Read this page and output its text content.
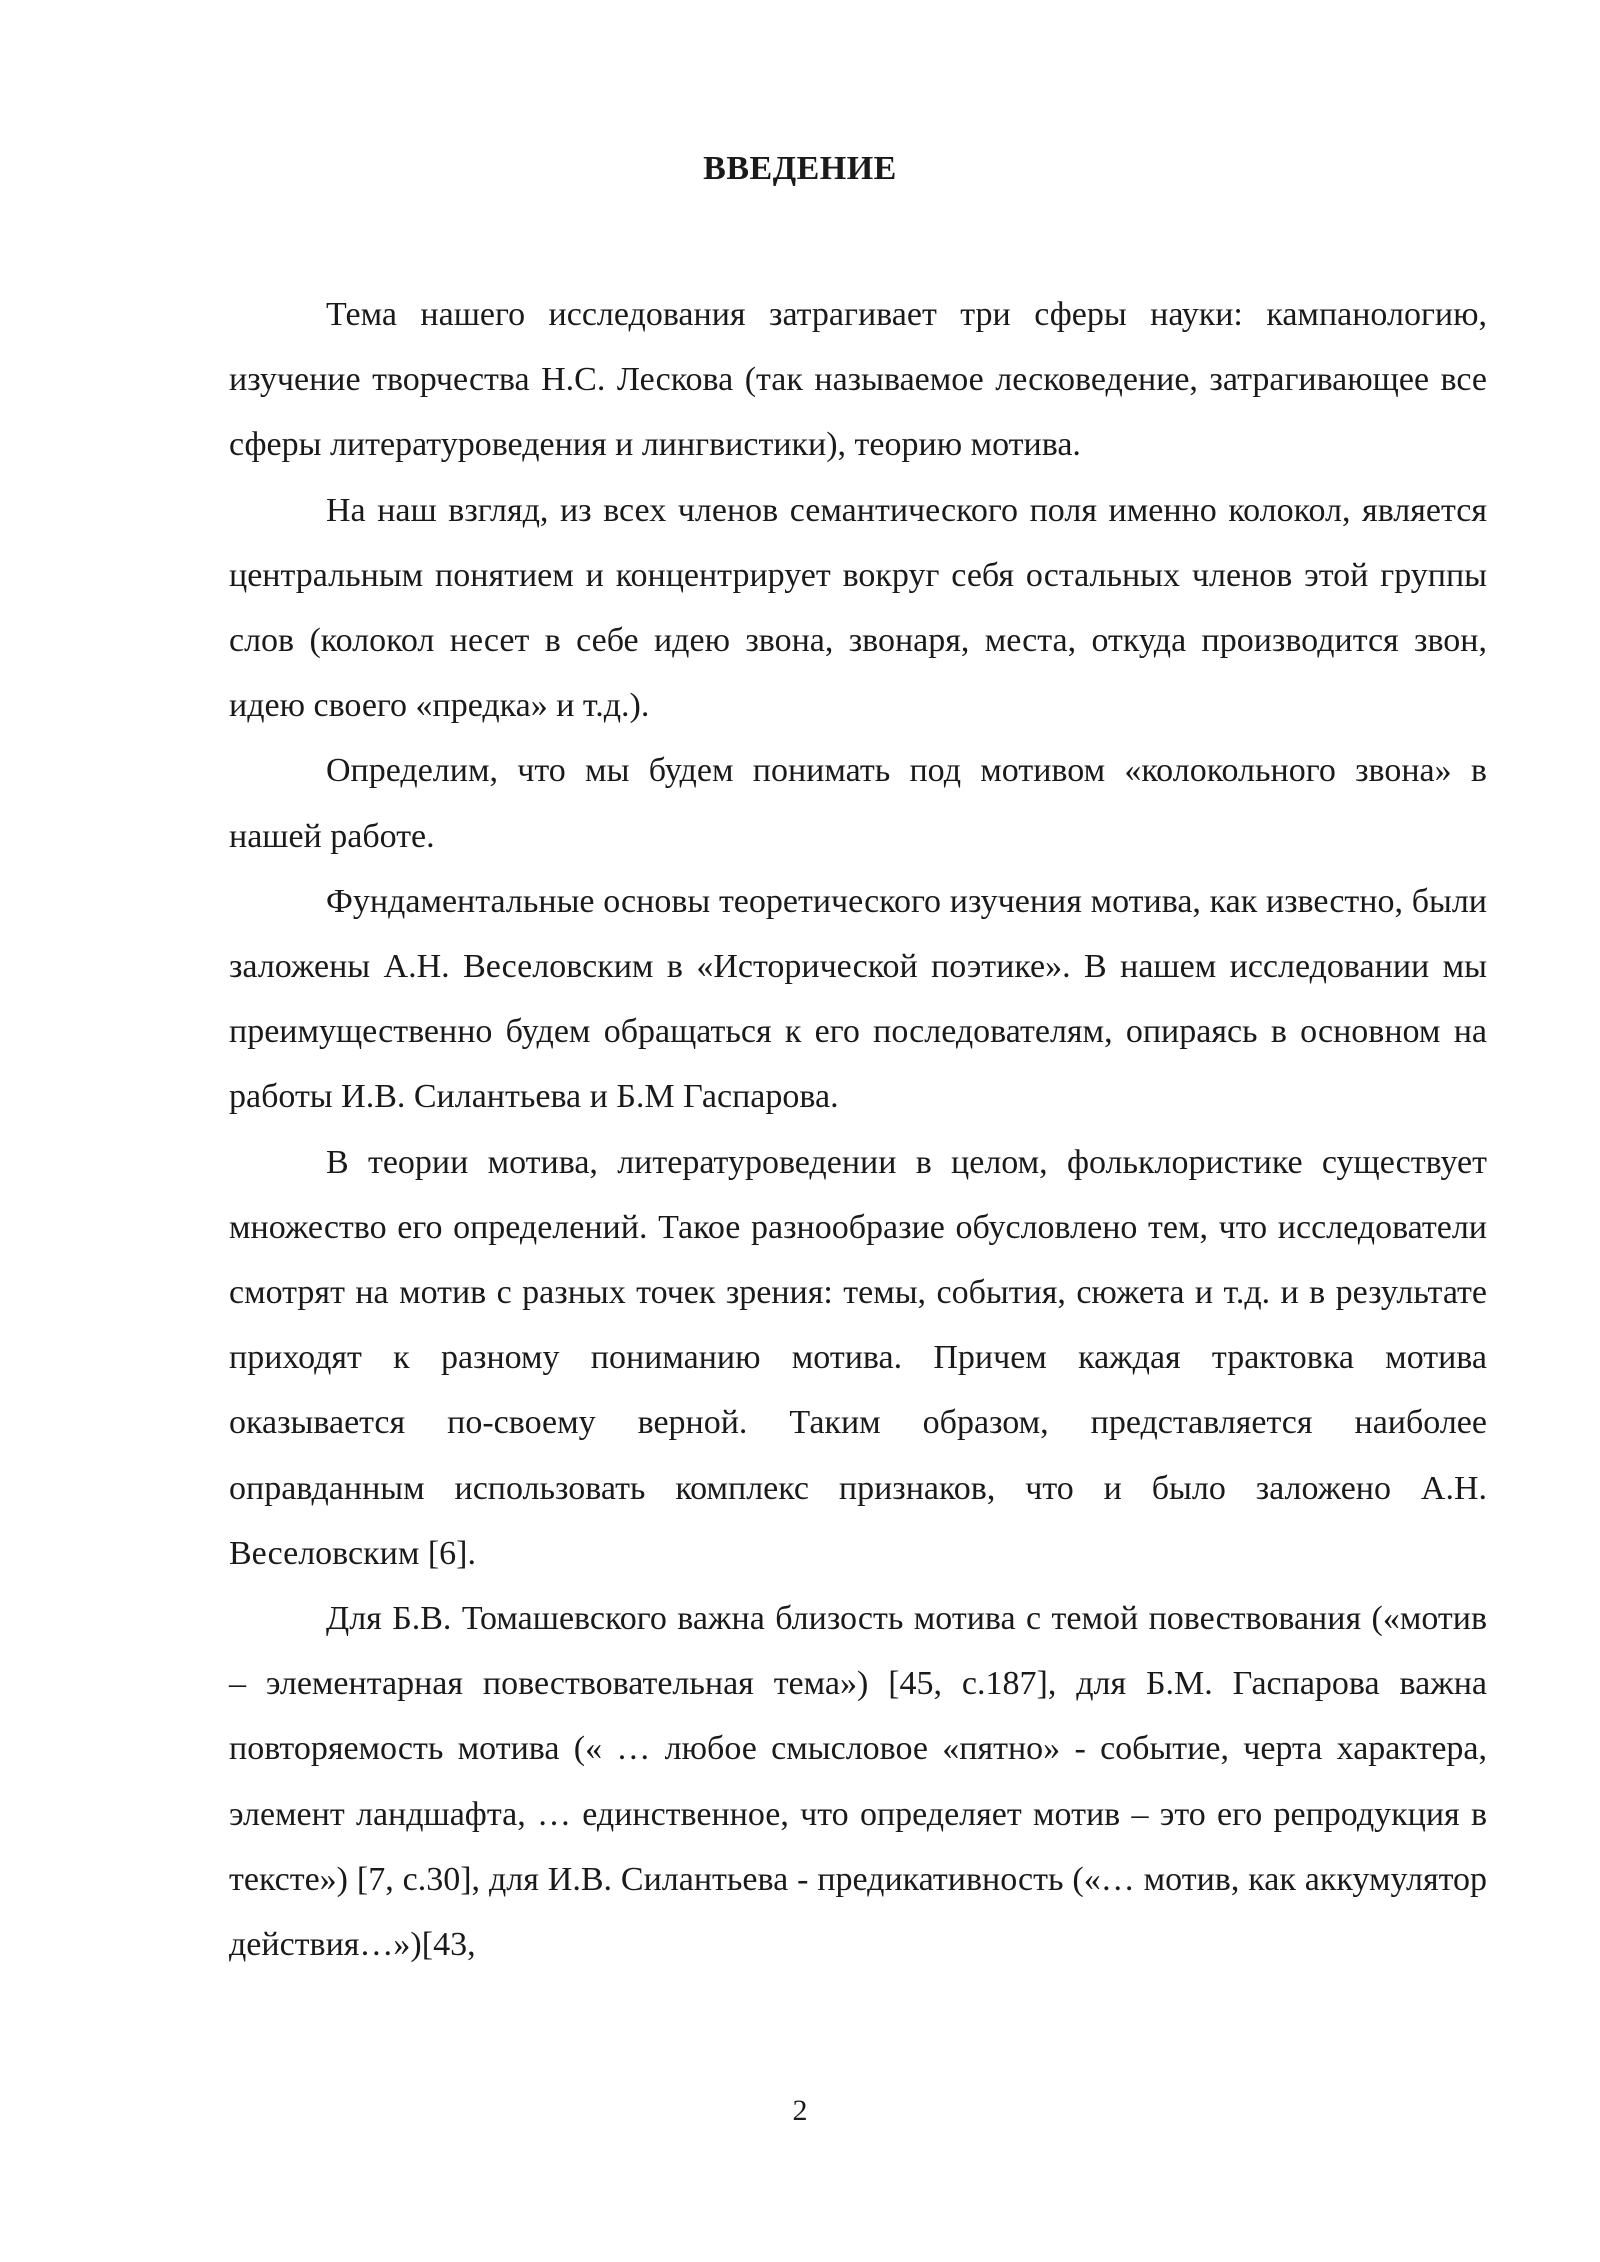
ВВЕДЕНИЕ

Тема нашего исследования затрагивает три сферы науки: кампанологию, изучение творчества Н.С. Лескова (так называемое лесковедение, затрагивающее все сферы литературоведения и лингвистики), теорию мотива.

На наш взгляд, из всех членов семантического поля именно колокол, является центральным понятием и концентрирует вокруг себя остальных членов этой группы слов (колокол несет в себе идею звона, звонаря, места, откуда производится звон, идею своего «предка» и т.д.).

Определим, что мы будем понимать под мотивом «колокольного звона» в нашей работе.

Фундаментальные основы теоретического изучения мотива, как известно, были заложены А.Н. Веселовским в «Исторической поэтике». В нашем исследовании мы преимущественно будем обращаться к его последователям, опираясь в основном на работы И.В. Силантьева и Б.М Гаспарова.

В теории мотива, литературоведении в целом, фольклористике существует множество его определений. Такое разнообразие обусловлено тем, что исследователи смотрят на мотив с разных точек зрения: темы, события, сюжета и т.д. и в результате приходят к разному пониманию мотива. Причем каждая трактовка мотива оказывается по-своему верной. Таким образом, представляется наиболее оправданным использовать комплекс признаков, что и было заложено А.Н. Веселовским [6].

Для Б.В. Томашевского важна близость мотива с темой повествования («мотив – элементарная повествовательная тема») [45, с.187], для Б.М. Гаспарова важна повторяемость мотива (« … любое смысловое «пятно» - событие, черта характера, элемент ландшафта, … единственное, что определяет мотив – это его репродукция в тексте») [7, с.30], для И.В. Силантьева - предикативность («… мотив, как аккумулятор действия…»)[43,

2
